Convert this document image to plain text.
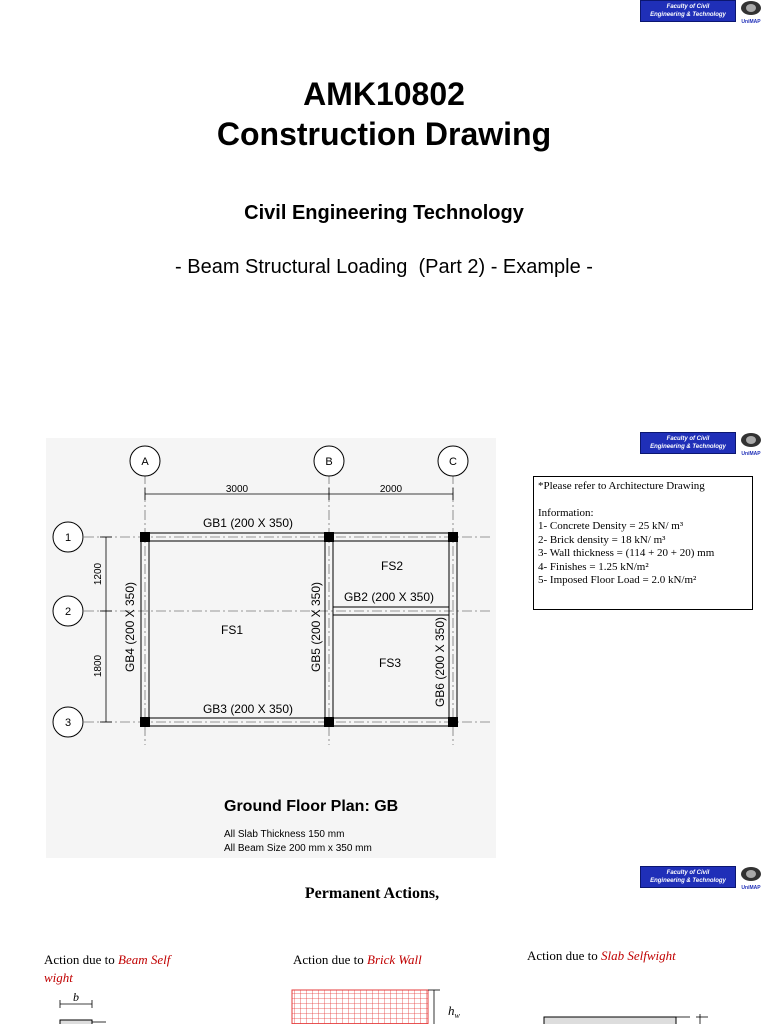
Faculty of Civil
Engineering & Technology
UniMAP
AMK10802
Construction Drawing
Civil Engineering Technology
- Beam Structural Loading  (Part 2) - Example -
Faculty of Civil
Engineering & Technology
UniMAP
A	B	C
1
2
3
3000	2000
1200
1800
GB1 (200 X 350)
GB2 (200 X 350)
GB3 (200 X 350)
GB4 (200 X 350)	GB5 (200 X 350)	GB6 (200 X 350)
FS1
FS2
FS3
Ground Floor Plan: GB
All Slab Thickness 150 mm
All Beam Size 200 mm x 350 mm
*Please refer to Architecture Drawing
Information:
1- Concrete Density = 25 kN/ m³
2- Brick density = 18 kN/ m³
3- Wall thickness = (114 + 20 + 20) mm
4- Finishes = 1.25 kN/m²
5- Imposed Floor Load = 2.0 kN/m²
Faculty of Civil
Engineering & Technology
UniMAP
Permanent Actions,
Action due to Beam Self
wight
Action due to Brick Wall	Action due to Slab Selfwight
b
$h_w$
